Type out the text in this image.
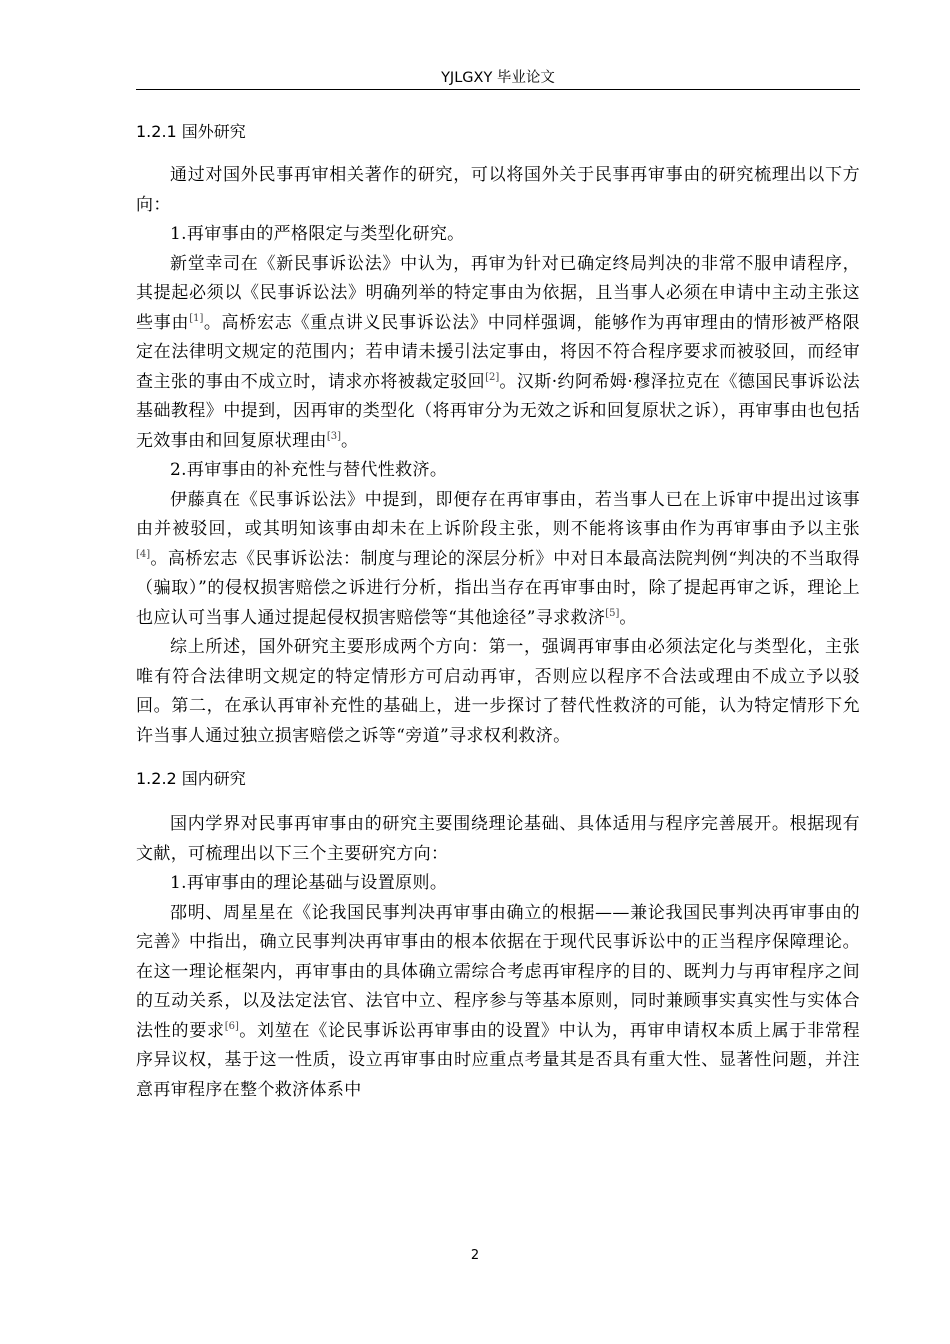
YJLGXY 毕业论文
1.2.1 国外研究

通过对国外民事再审相关著作的研究，可以将国外关于民事再审事由的研究梳理出以下方向：

1.再审事由的严格限定与类型化研究。

新堂幸司在《新民事诉讼法》中认为，再审为针对已确定终局判决的非常不服申请程序，其提起必须以《民事诉讼法》明确列举的特定事由为依据，且当事人必须在申请中主动主张这些事由[1]。高桥宏志《重点讲义民事诉讼法》中同样强调，能够作为再审理由的情形被严格限定在法律明文规定的范围内；若申请未援引法定事由，将因不符合程序要求而被驳回，而经审查主张的事由不成立时，请求亦将被裁定驳回[2]。汉斯·约阿希姆·穆泽拉克在《德国民事诉讼法基础教程》中提到，因再审的类型化（将再审分为无效之诉和回复原状之诉），再审事由也包括无效事由和回复原状理由[3]。

2.再审事由的补充性与替代性救济。

伊藤真在《民事诉讼法》中提到，即便存在再审事由，若当事人已在上诉审中提出过该事由并被驳回，或其明知该事由却未在上诉阶段主张，则不能将该事由作为再审事由予以主张[4]。高桥宏志《民事诉讼法：制度与理论的深层分析》中对日本最高法院判例“判决的不当取得（骗取）”的侵权损害赔偿之诉进行分析，指出当存在再审事由时，除了提起再审之诉，理论上也应认可当事人通过提起侵权损害赔偿等“其他途径”寻求救济[5]。

综上所述，国外研究主要形成两个方向：第一，强调再审事由必须法定化与类型化，主张唯有符合法律明文规定的特定情形方可启动再审，否则应以程序不合法或理由不成立予以驳回。第二，在承认再审补充性的基础上，进一步探讨了替代性救济的可能，认为特定情形下允许当事人通过独立损害赔偿之诉等“旁道”寻求权利救济。

1.2.2 国内研究

国内学界对民事再审事由的研究主要围绕理论基础、具体适用与程序完善展开。根据现有文献，可梳理出以下三个主要研究方向：

1.再审事由的理论基础与设置原则。

邵明、周星星在《论我国民事判决再审事由确立的根据——兼论我国民事判决再审事由的完善》中指出，确立民事判决再审事由的根本依据在于现代民事诉讼中的正当程序保障理论。在这一理论框架内，再审事由的具体确立需综合考虑再审程序的目的、既判力与再审程序之间的互动关系，以及法定法官、法官中立、程序参与等基本原则，同时兼顾事实真实性与实体合法性的要求[6]。刘堃在《论民事诉讼再审事由的设置》中认为，再审申请权本质上属于非常程序异议权，基于这一性质，设立再审事由时应重点考量其是否具有重大性、显著性问题，并注意再审程序在整个救济体系中

2
